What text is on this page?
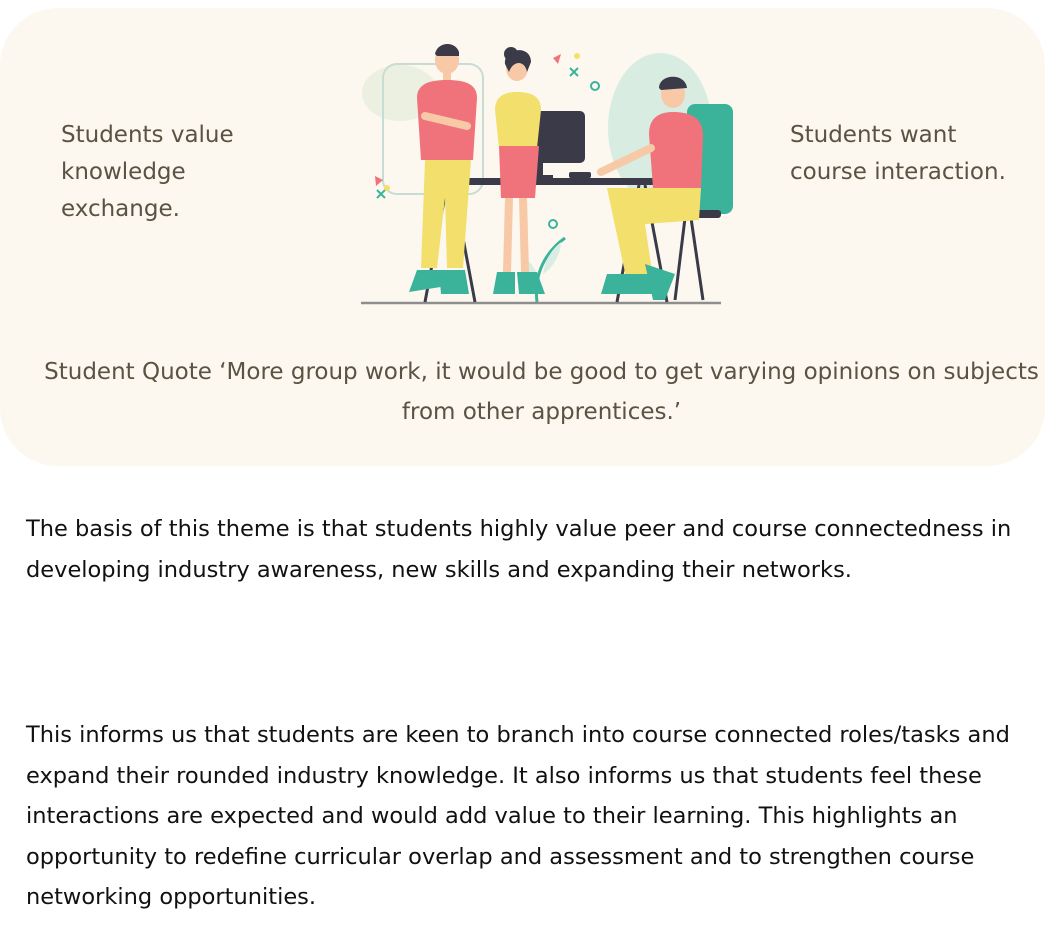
Students value knowledge exchange.

Students want course interaction.

Student Quote ‘More group work, it would be good to get varying opinions on subjects from other apprentices.’

The basis of this theme is that students highly value peer and course connectedness in developing industry awareness, new skills and expanding their networks.

This informs us that students are keen to branch into course connected roles/tasks and expand their rounded industry knowledge. It also informs us that students feel these interactions are expected and would add value to their learning. This highlights an opportunity to redefine curricular overlap and assessment and to strengthen course networking opportunities.
